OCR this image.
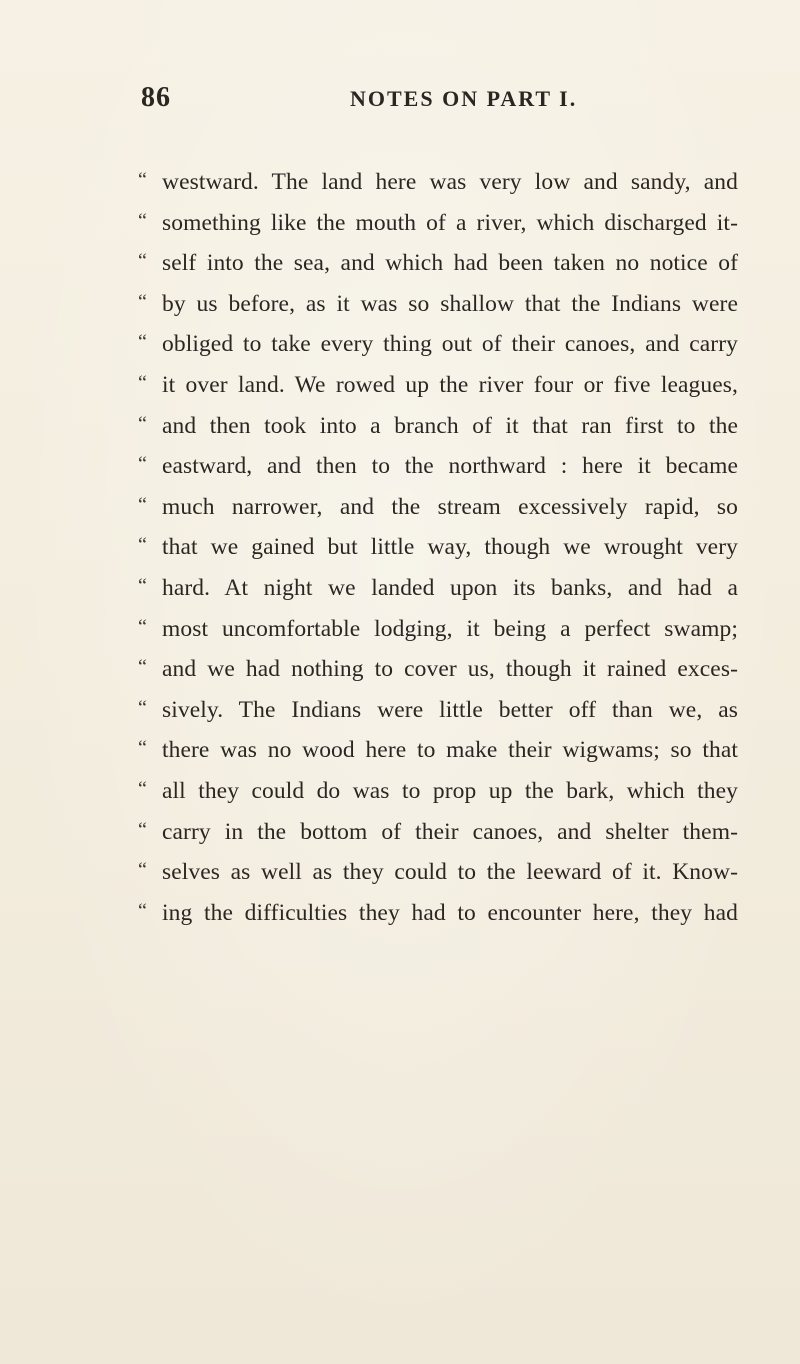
86	NOTES ON PART I.
“ westward. The land here was very low and sandy, and
“ something like the mouth of a river, which discharged it-
“ self into the sea, and which had been taken no notice of
“ by us before, as it was so shallow that the Indians were
“ obliged to take every thing out of their canoes, and carry
“ it over land. We rowed up the river four or five leagues,
“ and then took into a branch of it that ran first to the
“ eastward, and then to the northward : here it became
“ much narrower, and the stream excessively rapid, so
“ that we gained but little way, though we wrought very
“ hard. At night we landed upon its banks, and had a
“ most uncomfortable lodging, it being a perfect swamp;
“ and we had nothing to cover us, though it rained exces-
“ sively. The Indians were little better off than we, as
“ there was no wood here to make their wigwams; so that
“ all they could do was to prop up the bark, which they
“ carry in the bottom of their canoes, and shelter them-
“ selves as well as they could to the leeward of it. Know-
“ ing the difficulties they had to encounter here, they had
